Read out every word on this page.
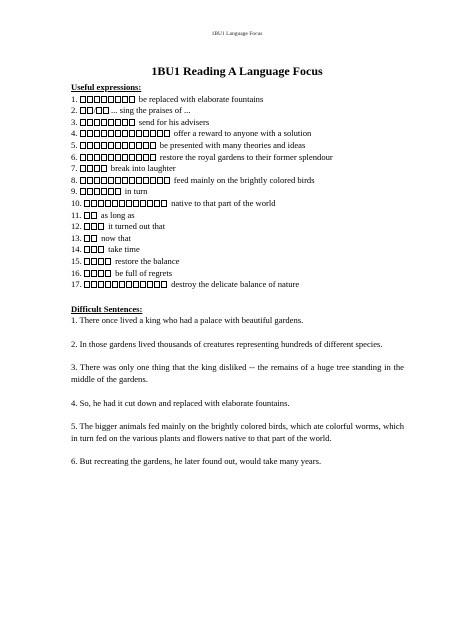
1BU1 Language Focus
1BU1 Reading A Language Focus

Useful expressions:

1.	be replaced with elaborate fountains
2. / ... sing the praises of ...
3.	send for his advisers
4.	offer a reward to anyone with a solution
5.	be presented with many theories and ideas
6.	restore the royal gardens to their former splendour
7.	break into laughter
8.	feed mainly on the brightly colored birds
9.	in turn
10.	native to that part of the world
11. as long as
12.	it turned out that
13. now that
14.	take time
15.	restore the balance
16.	be full of regrets
17.	destroy the delicate balance of nature

Difficult Sentences:

1. There once lived a king who had a palace with beautiful gardens.

2. In those gardens lived thousands of creatures representing hundreds of different species.

3. There was only one thing that the king disliked -- the remains of a huge tree standing in the middle of the gardens.

4. So, he had it cut down and replaced with elaborate fountains.

5. The bigger animals fed mainly on the brightly colored birds, which ate colorful worms, which in turn fed on the various plants and flowers native to that part of the world.

6. But recreating the gardens, he later found out, would take many years.
